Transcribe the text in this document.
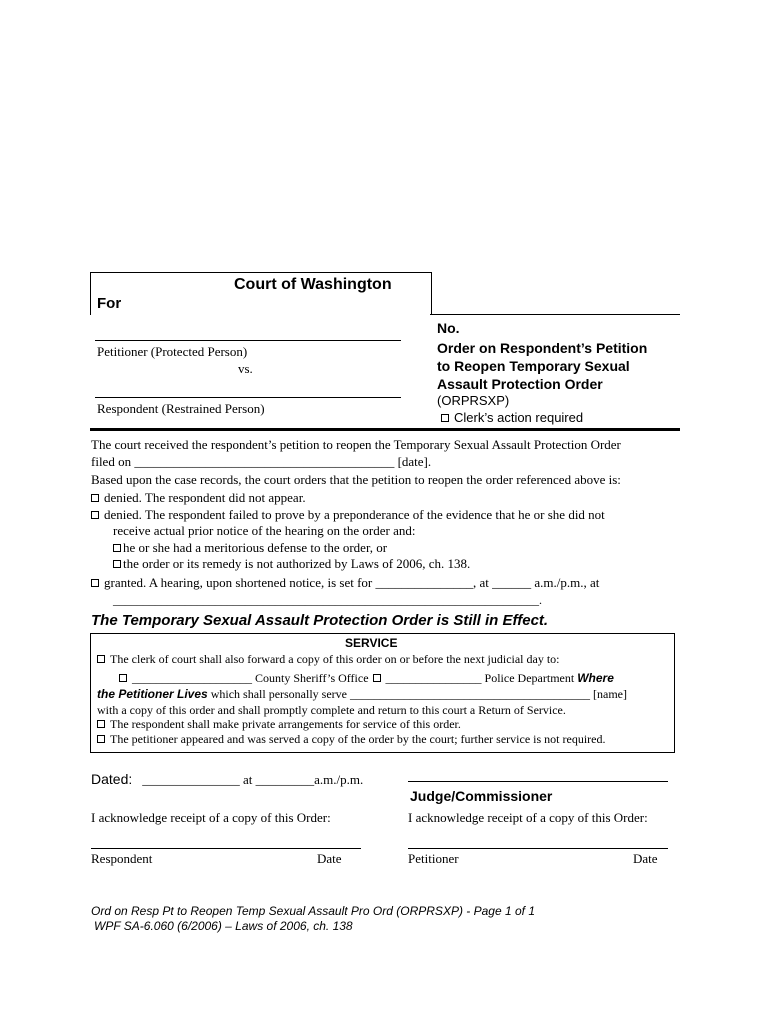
Court of Washington
For
Petitioner (Protected Person)
vs.
Respondent (Restrained Person)
No.
Order on Respondent’s Petition
to Reopen Temporary Sexual
Assault Protection Order
(ORPRSXP)
Clerk’s action required
The court received the respondent’s petition to reopen the Temporary Sexual Assault Protection Order
filed on ________________________________________ [date].
Based upon the case records, the court orders that the petition to reopen the order referenced above is:
denied. The respondent did not appear.
denied. The respondent failed to prove by a preponderance of the evidence that he or she did not
receive actual prior notice of the hearing on the order and:
he or she had a meritorious defense to the order, or
the order or its remedy is not authorized by Laws of 2006, ch. 138.
granted. A hearing, upon shortened notice, is set for _______________, at ______ a.m./p.m., at
_______________________________________________________________________.
The Temporary Sexual Assault Protection Order is Still in Effect.
SERVICE
The clerk of court shall also forward a copy of this order on or before the next judicial day to:
____________________ County Sheriff’s Office ________________ Police Department Where
the Petitioner Lives which shall personally serve ________________________________________ [name]
with a copy of this order and shall promptly complete and return to this court a Return of Service.
The respondent shall make private arrangements for service of this order.
The petitioner appeared and was served a copy of the order by the court; further service is not required.
Dated: _______________ at _________a.m./p.m.
Judge/Commissioner
I acknowledge receipt of a copy of this Order:	I acknowledge receipt of a copy of this Order:
Respondent	Date	Petitioner	Date
Ord on Resp Pt to Reopen Temp Sexual Assault Pro Ord (ORPRSXP) - Page 1 of 1
WPF SA-6.060 (6/2006) – Laws of 2006, ch. 138
